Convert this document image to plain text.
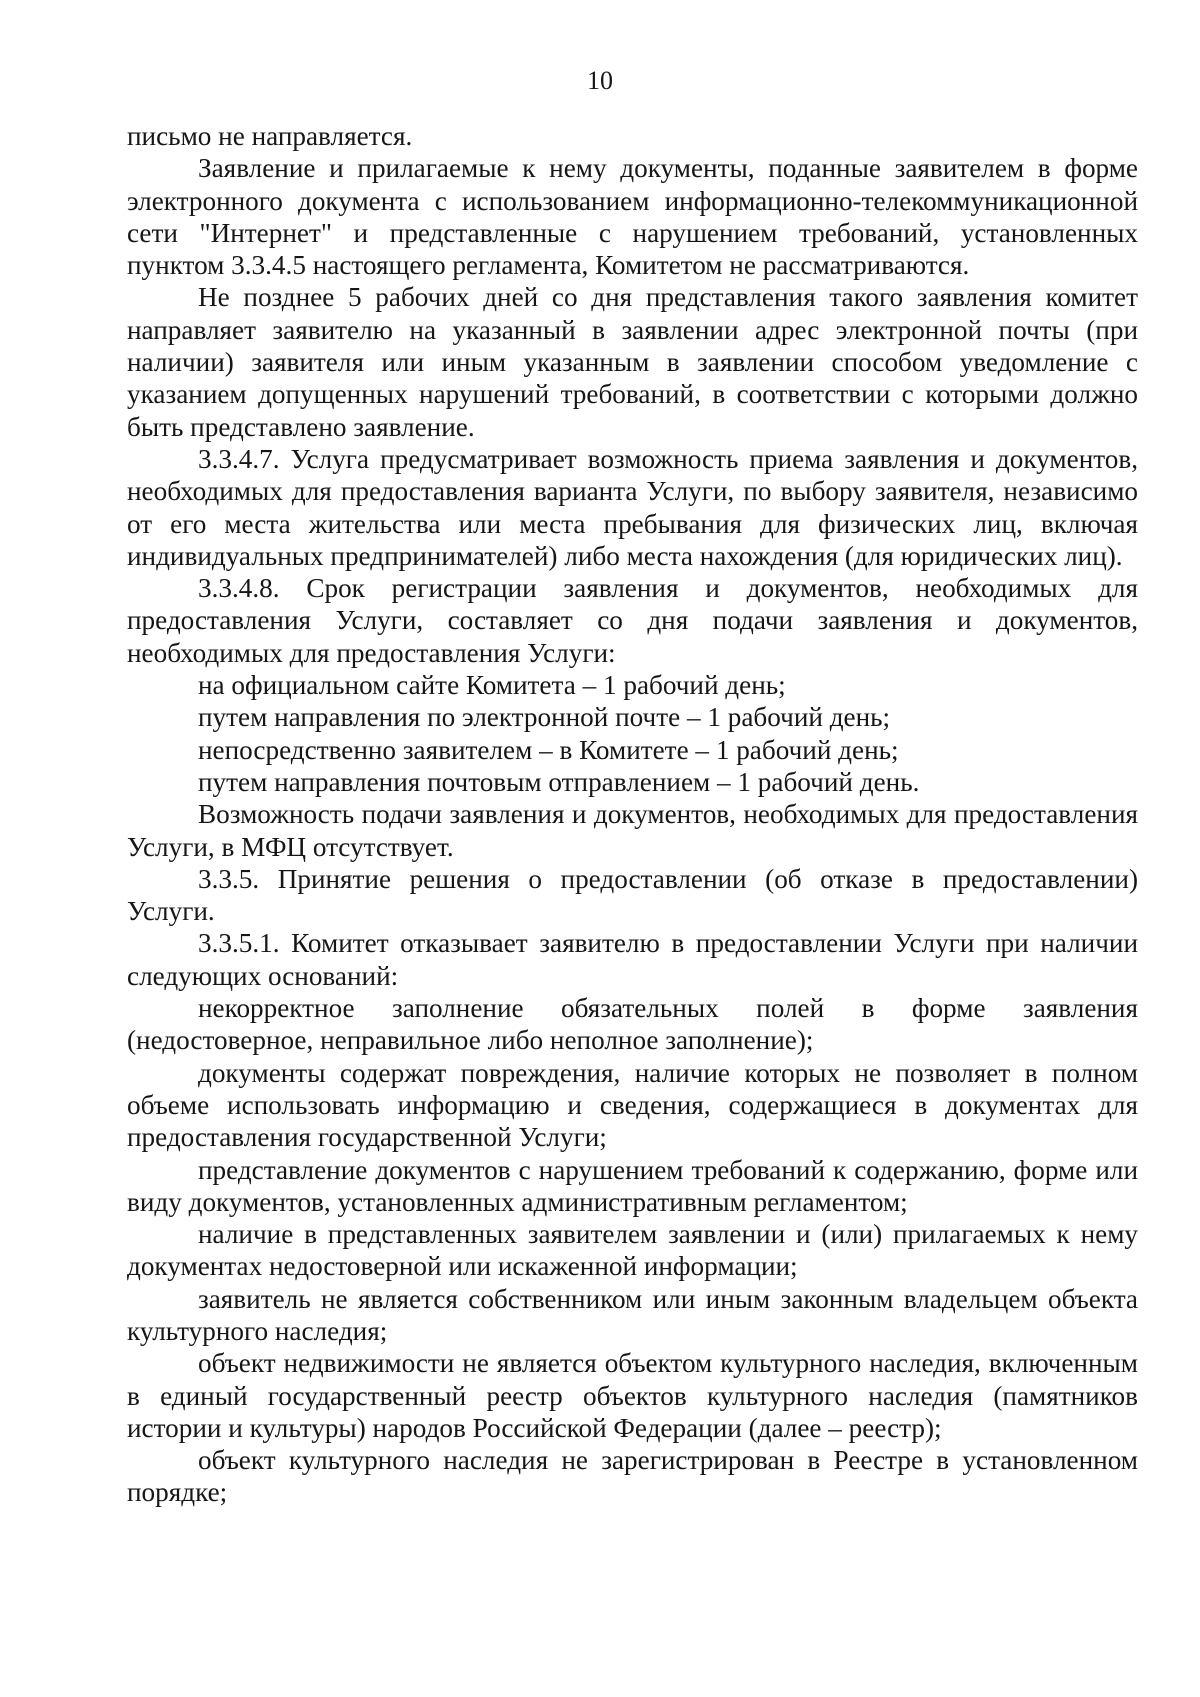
10

письмо не направляется.

Заявление и прилагаемые к нему документы, поданные заявителем в форме электронного документа с использованием информационно-телекоммуникационной сети "Интернет" и представленные с нарушением требований, установленных пунктом 3.3.4.5 настоящего регламента, Комитетом не рассматриваются.

Не позднее 5 рабочих дней со дня представления такого заявления комитет направляет заявителю на указанный в заявлении адрес электронной почты (при наличии) заявителя или иным указанным в заявлении способом уведомление с указанием допущенных нарушений требований, в соответствии с которыми должно быть представлено заявление.

3.3.4.7. Услуга предусматривает возможность приема заявления и документов, необходимых для предоставления варианта Услуги, по выбору заявителя, независимо от его места жительства или места пребывания для физических лиц, включая индивидуальных предпринимателей) либо места нахождения (для юридических лиц).

3.3.4.8. Срок регистрации заявления и документов, необходимых для предоставления Услуги, составляет со дня подачи заявления и документов, необходимых для предоставления Услуги:

на официальном сайте Комитета – 1 рабочий день;

путем направления по электронной почте – 1 рабочий день;

непосредственно заявителем – в Комитете – 1 рабочий день;

путем направления почтовым отправлением – 1 рабочий день.

Возможность подачи заявления и документов, необходимых для предоставления Услуги, в МФЦ отсутствует.

3.3.5. Принятие решения о предоставлении (об отказе в предоставлении) Услуги.

3.3.5.1. Комитет отказывает заявителю в предоставлении Услуги при наличии следующих оснований:

некорректное заполнение обязательных полей в форме заявления (недостоверное, неправильное либо неполное заполнение);

документы содержат повреждения, наличие которых не позволяет в полном объеме использовать информацию и сведения, содержащиеся в документах для предоставления государственной Услуги;

представление документов с нарушением требований к содержанию, форме или виду документов, установленных административным регламентом;

наличие в представленных заявителем заявлении и (или) прилагаемых к нему документах недостоверной или искаженной информации;

заявитель не является собственником или иным законным владельцем объекта культурного наследия;

объект недвижимости не является объектом культурного наследия, включенным в единый государственный реестр объектов культурного наследия (памятников истории и культуры) народов Российской Федерации (далее – реестр);

объект культурного наследия не зарегистрирован в Реестре в установленном порядке;
